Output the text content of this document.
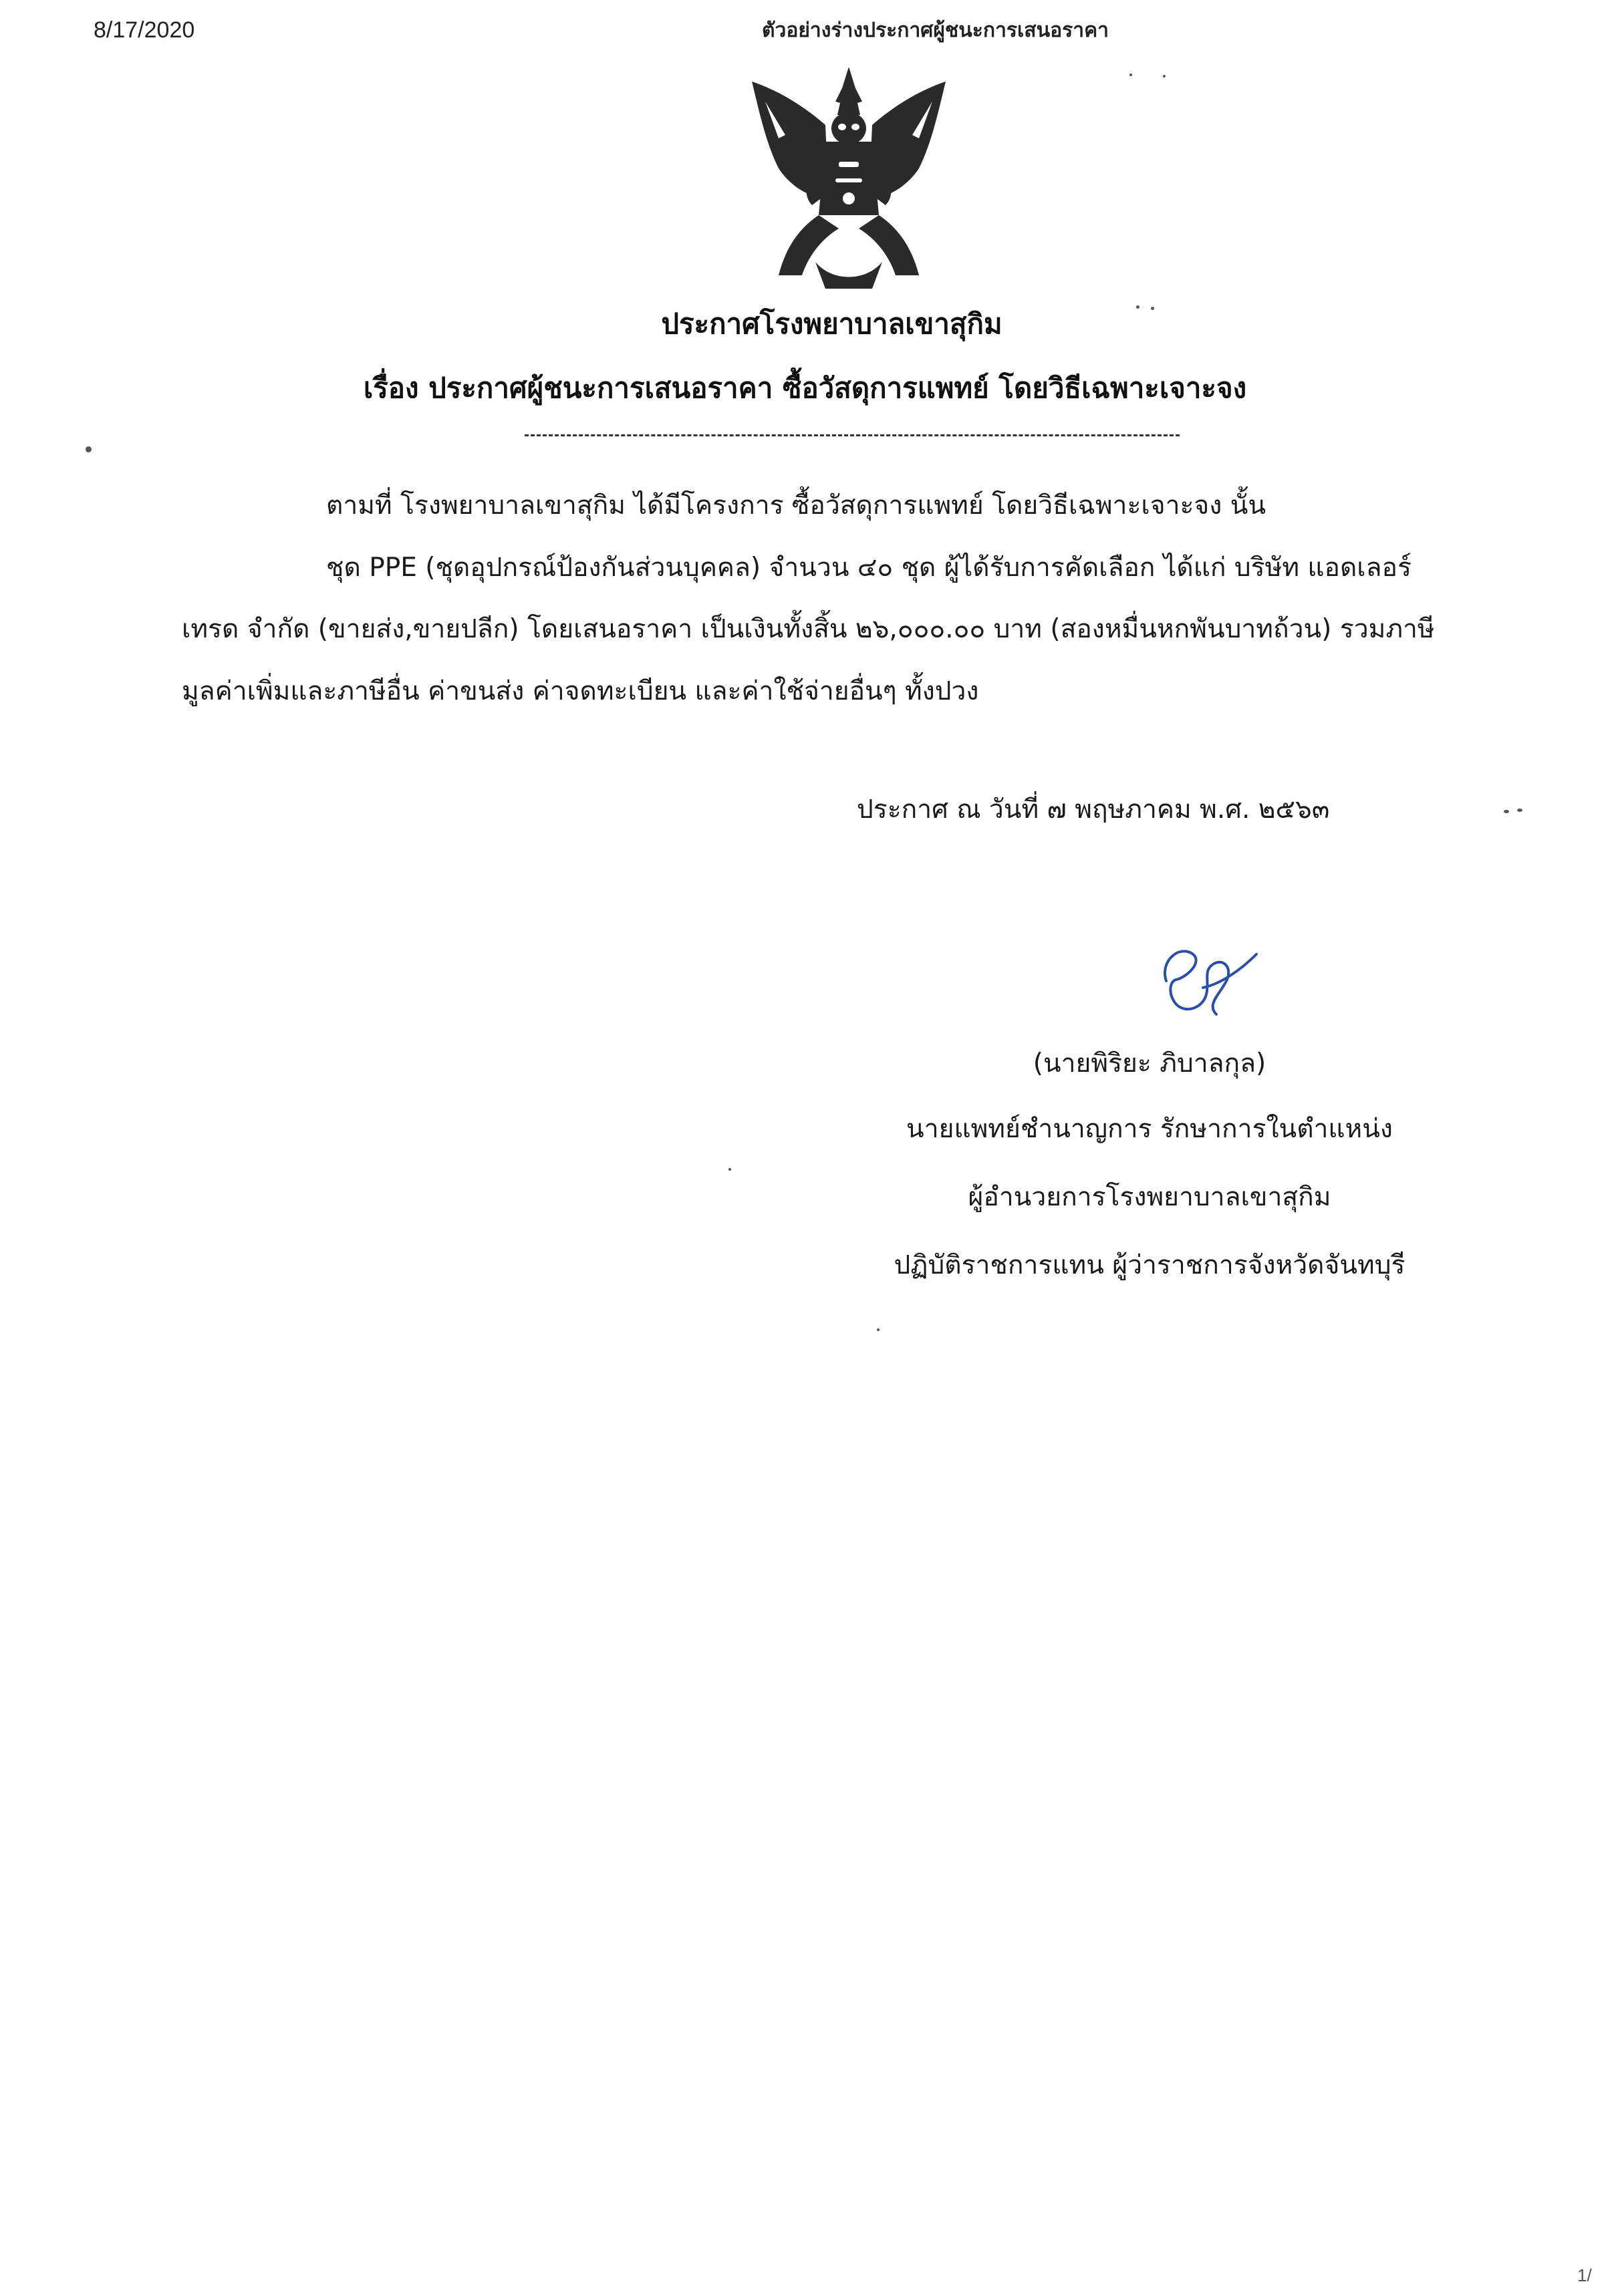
8/17/2020	ตัวอย่างร่างประกาศผู้ชนะการเสนอราคา
ประกาศโรงพยาบาลเขาสุกิม
เรื่อง ประกาศผู้ชนะการเสนอราคา ซื้อวัสดุการแพทย์ โดยวิธีเฉพาะเจาะจง
ตามที่ โรงพยาบาลเขาสุกิม ได้มีโครงการ ซื้อวัสดุการแพทย์ โดยวิธีเฉพาะเจาะจง นั้น
ชุด PPE (ชุดอุปกรณ์ป้องกันส่วนบุคคล) จำนวน ๔๐ ชุด ผู้ได้รับการคัดเลือก ได้แก่ บริษัท แอดเลอร์
เทรด จำกัด (ขายส่ง,ขายปลีก) โดยเสนอราคา เป็นเงินทั้งสิ้น ๒๖,๐๐๐.๐๐ บาท (สองหมื่นหกพันบาทถ้วน) รวมภาษี
มูลค่าเพิ่มและภาษีอื่น ค่าขนส่ง ค่าจดทะเบียน และค่าใช้จ่ายอื่นๆ ทั้งปวง
ประกาศ ณ วันที่ ๗ พฤษภาคม พ.ศ. ๒๕๖๓
(นายพิริยะ ภิบาลกุล)
นายแพทย์ชำนาญการ รักษาการในตำแหน่ง
ผู้อำนวยการโรงพยาบาลเขาสุกิม
ปฏิบัติราชการแทน ผู้ว่าราชการจังหวัดจันทบุรี
1/
